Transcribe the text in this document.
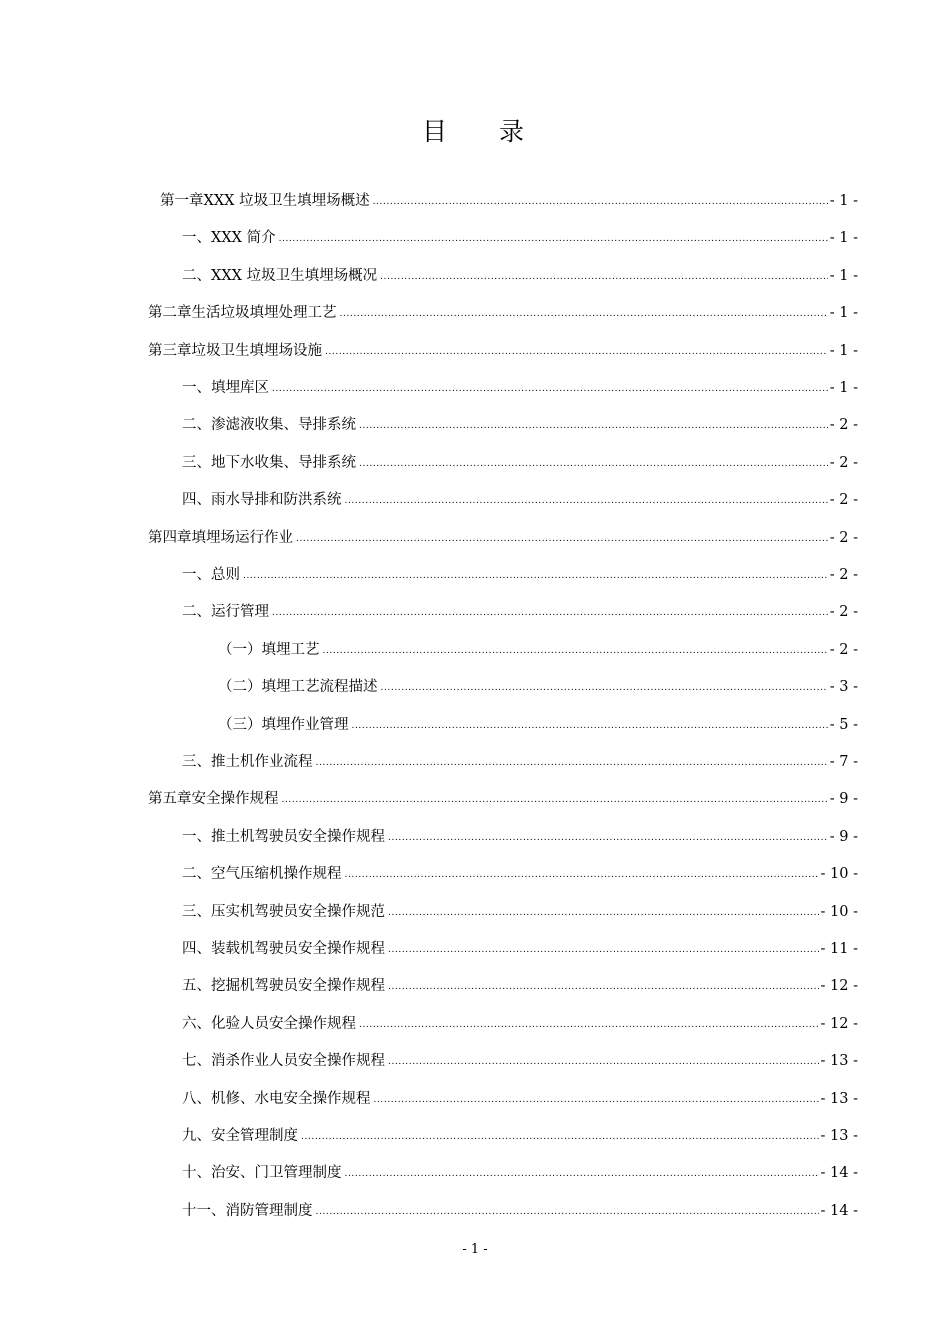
目 录
第一章 XXX 垃圾卫生填埋场概述 .....	- 1 -
一、 XXX 简介 .....	- 1 -
二、 XXX 垃圾卫生填埋场概况 .....	- 1 -
第二章 生活垃圾填埋处理工艺 .....	- 1 -
第三章 垃圾卫生填埋场设施 .....	- 1 -
一、 填埋库区 .....	- 1 -
二、 渗滤液收集、导排系统 .....	- 2 -
三、 地下水收集、导排系统 .....	- 2 -
四、 雨水导排和防洪系统 .....	- 2 -
第四章 填埋场运行作业 .....	- 2 -
一、总则 .....	- 2 -
二、运行管理 .....	- 2 -
（一）填埋工艺 .....	- 2 -
（二）填埋工艺流程描述 .....	- 3 -
（三）填埋作业管理 .....	- 5 -
三、推土机作业流程 .....	- 7 -
第五章 安全操作规程 .....	- 9 -
一、推土机驾驶员安全操作规程 .....	- 9 -
二、空气压缩机操作规程 .....	- 10 -
三、压实机驾驶员安全操作规范 .....	- 10 -
四、装载机驾驶员安全操作规程 .....	- 11 -
五、挖掘机驾驶员安全操作规程 .....	- 12 -
六、化验人员安全操作规程 .....	- 12 -
七、消杀作业人员安全操作规程 .....	- 13 -
八、机修、水电安全操作规程 .....	- 13 -
九、安全管理制度 .....	- 13 -
十、治安、门卫管理制度 .....	- 14 -
十一、消防管理制度 .....	- 14 -
- 1 -
